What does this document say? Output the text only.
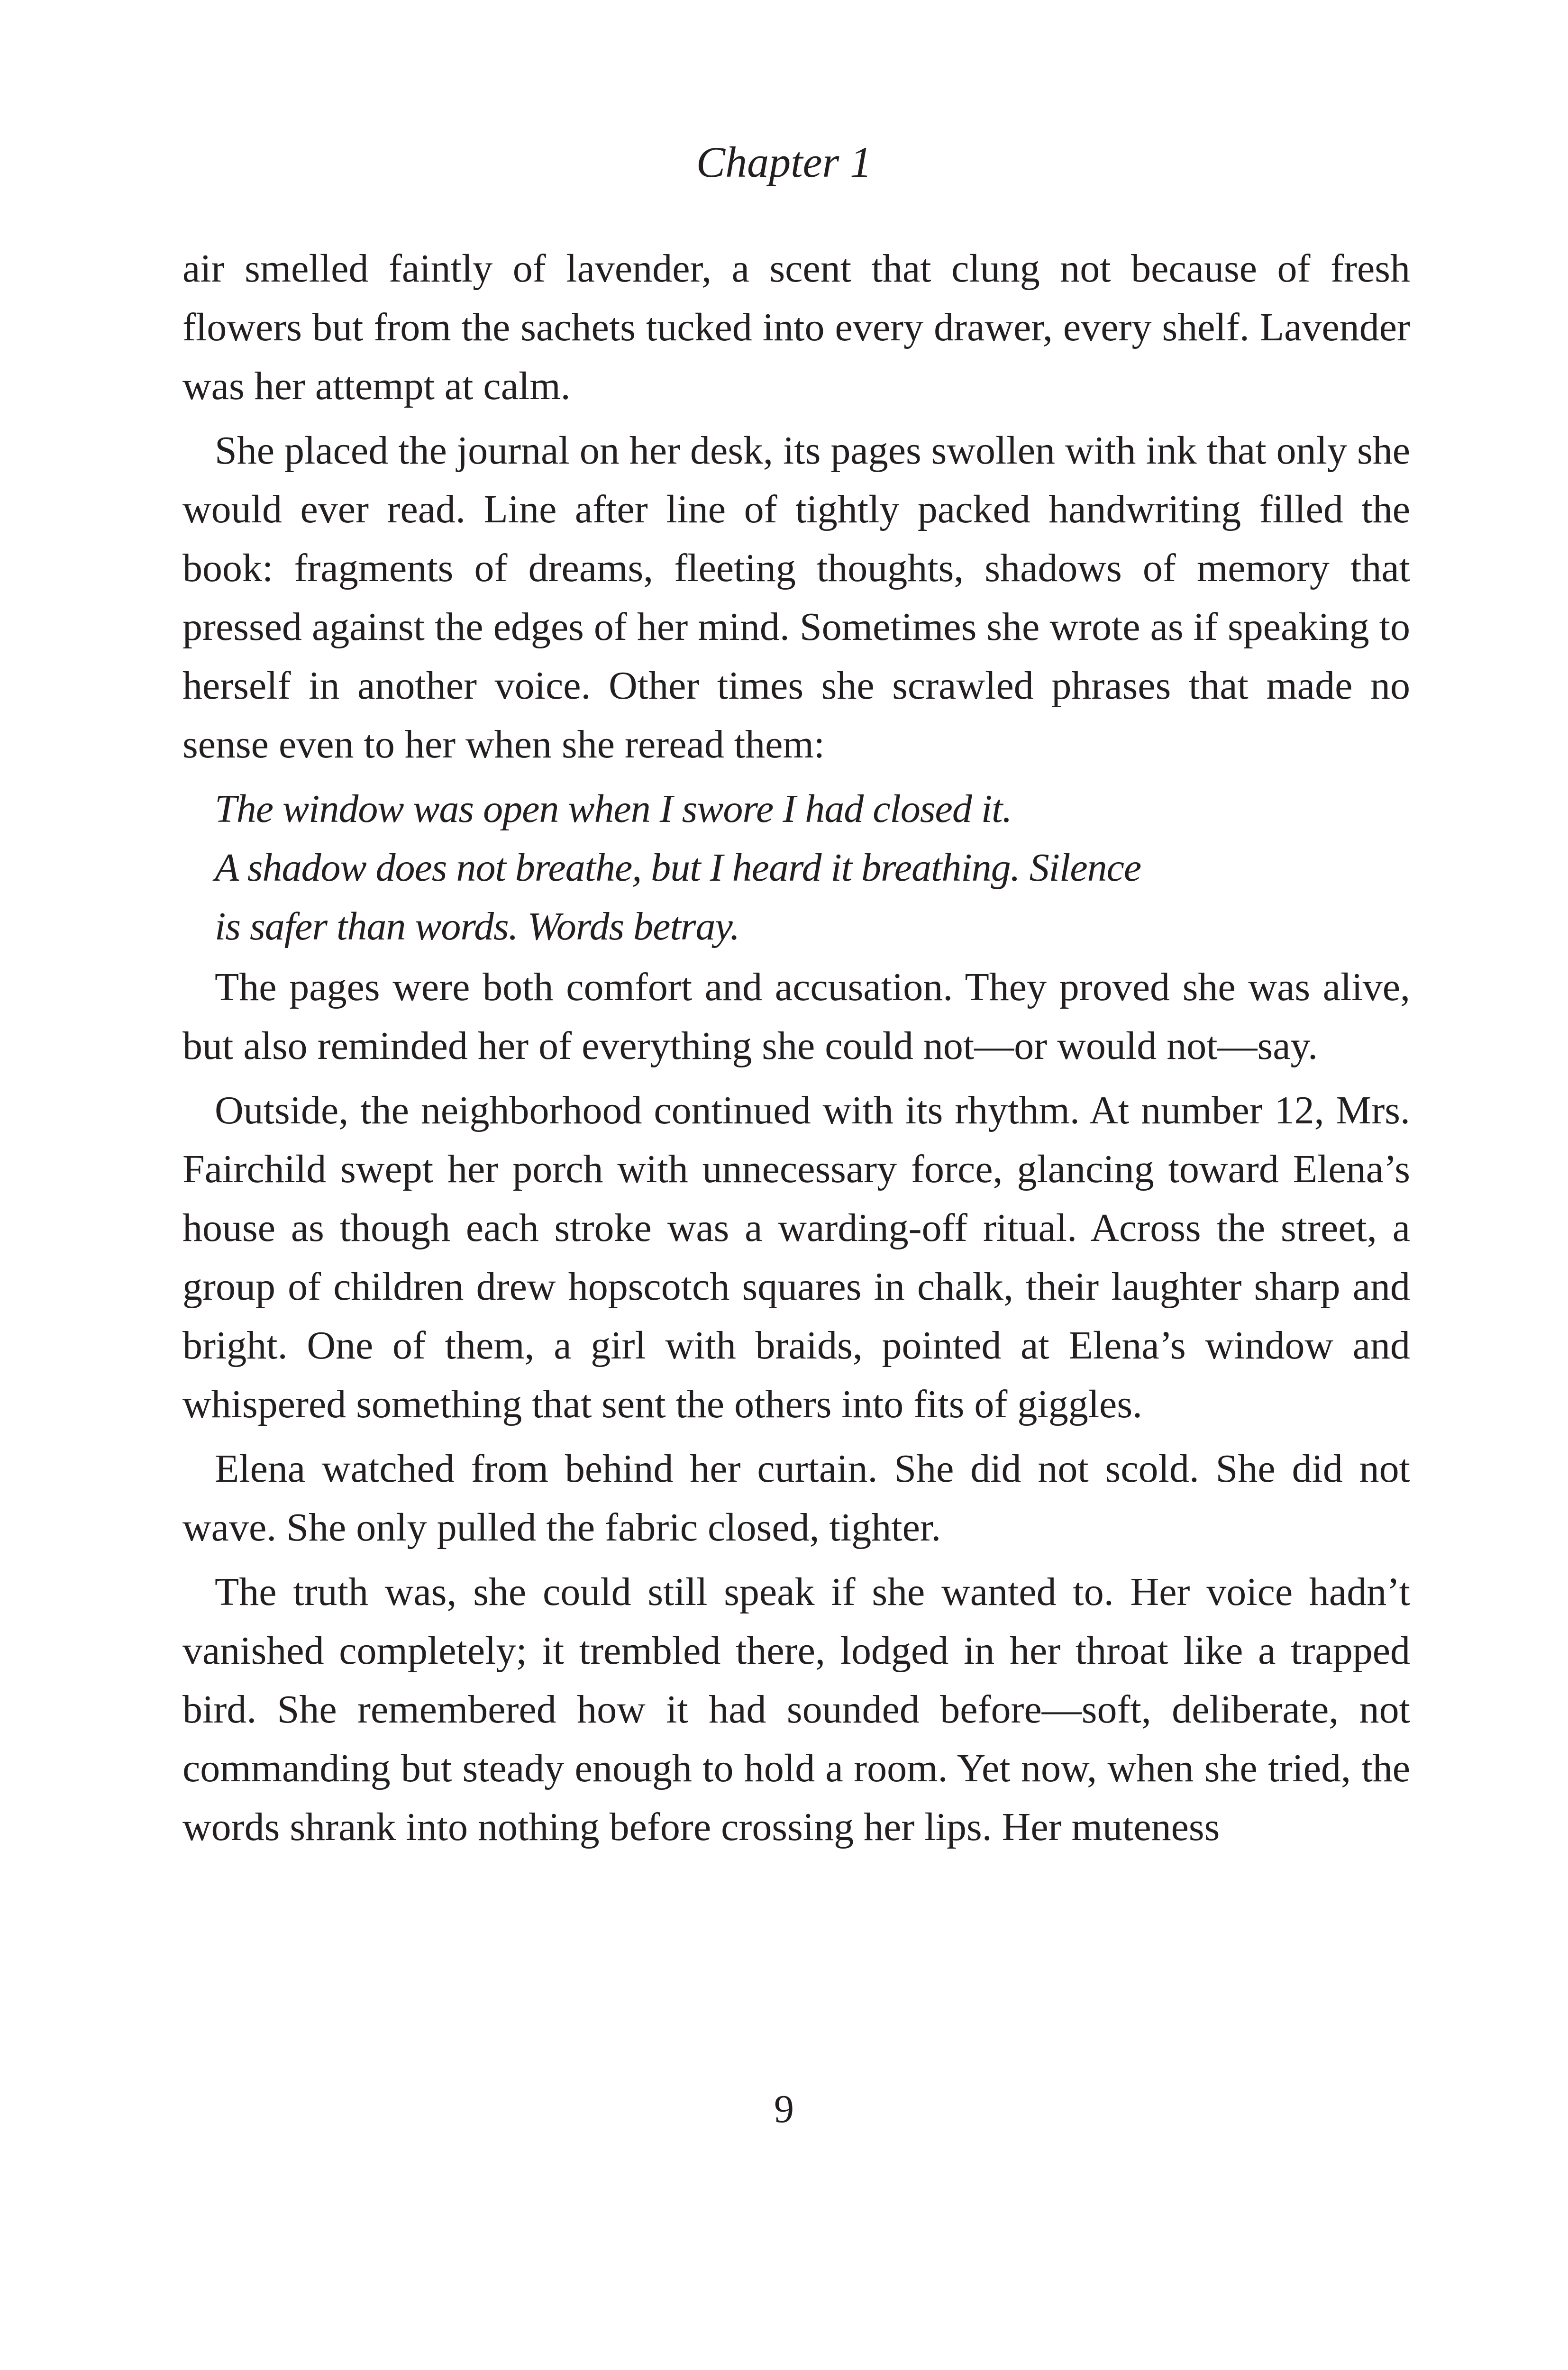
Chapter 1

air smelled faintly of lavender, a scent that clung not because of fresh flowers but from the sachets tucked into every drawer, every shelf. Lavender was her attempt at calm.

She placed the journal on her desk, its pages swollen with ink that only she would ever read. Line after line of tightly packed handwriting filled the book: fragments of dreams, fleeting thoughts, shadows of memory that pressed against the edges of her mind. Sometimes she wrote as if speaking to herself in another voice. Other times she scrawled phrases that made no sense even to her when she reread them:

The window was open when I swore I had closed it.
A shadow does not breathe, but I heard it breathing. Silence
is safer than words. Words betray.

The pages were both comfort and accusation. They proved she was alive, but also reminded her of everything she could not—or would not—say.

Outside, the neighborhood continued with its rhythm. At number 12, Mrs. Fairchild swept her porch with unnecessary force, glancing toward Elena’s house as though each stroke was a warding-off ritual. Across the street, a group of children drew hopscotch squares in chalk, their laughter sharp and bright. One of them, a girl with braids, pointed at Elena’s window and whispered something that sent the others into fits of giggles.

Elena watched from behind her curtain. She did not scold. She did not wave. She only pulled the fabric closed, tighter.

The truth was, she could still speak if she wanted to. Her voice hadn’t vanished completely; it trembled there, lodged in her throat like a trapped bird. She remembered how it had sounded before—soft, deliberate, not commanding but steady enough to hold a room. Yet now, when she tried, the words shrank into nothing before crossing her lips. Her muteness

9
